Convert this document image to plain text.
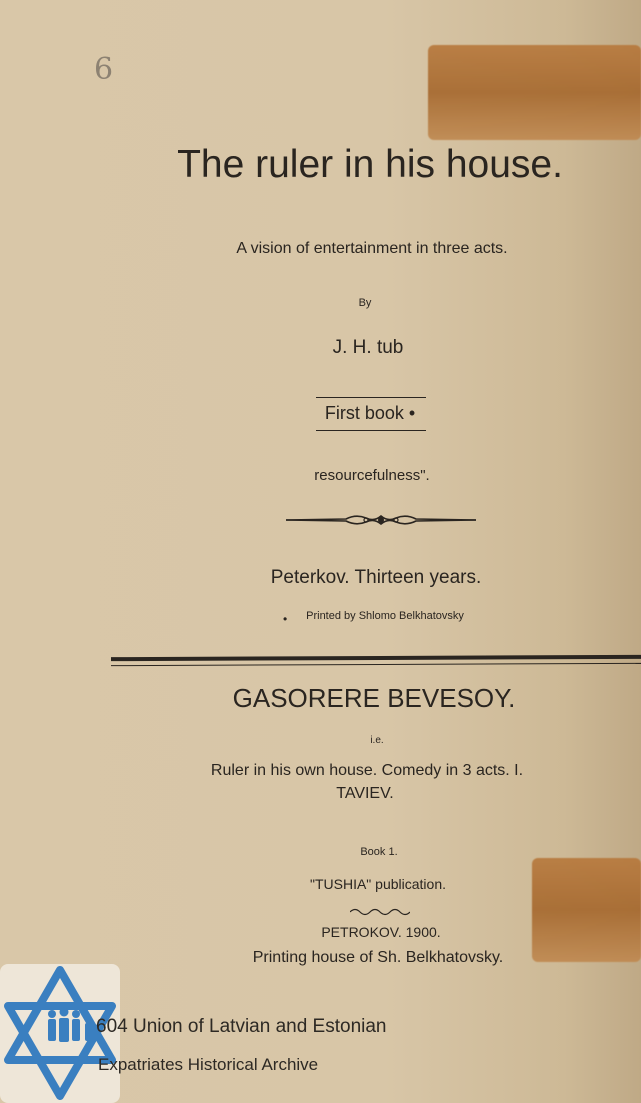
6
The ruler in his house.
A vision of entertainment in three acts.
By
J. H. tub
First book •
resourcefulness".
Peterkov. Thirteen years.
• Printed by Shlomo Belkhatovsky
GASORERE BEVESOY.
i.e.
Ruler in his own house. Comedy in 3 acts. I.
TAVIEV.
Book 1.
"TUSHIA" publication.
PETROKOV. 1900.
Printing house of Sh. Belkhatovsky.
604 Union of Latvian and Estonian
Expatriates Historical Archive
